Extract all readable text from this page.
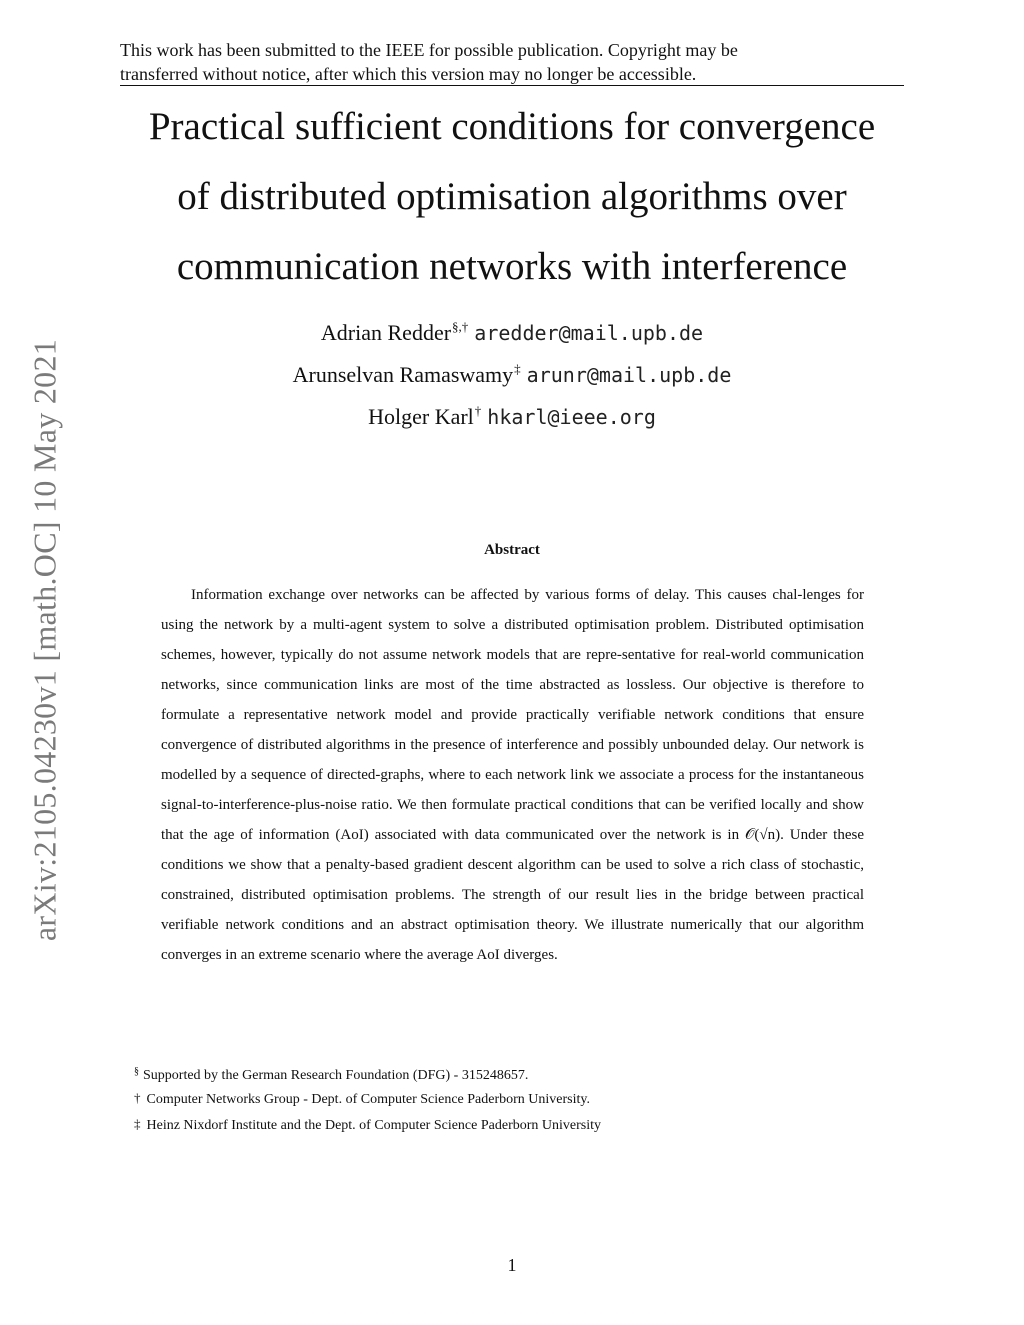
This work has been submitted to the IEEE for possible publication. Copyright may be
transferred without notice, after which this version may no longer be accessible.
Practical sufficient conditions for convergence
of distributed optimisation algorithms over
communication networks with interference
Adrian Redder§,† aredder@mail.upb.de
Arunselvan Ramaswamy‡ arunr@mail.upb.de
Holger Karl† hkarl@ieee.org
arXiv:2105.04230v1 [math.OC] 10 May 2021	Abstract

Information exchange over networks can be affected by various forms of delay. This causes chal-lenges for using the network by a multi-agent system to solve a distributed optimisation problem. Distributed optimisation schemes, however, typically do not assume network models that are repre-sentative for real-world communication networks, since communication links are most of the time abstracted as lossless. Our objective is therefore to formulate a representative network model and provide practically verifiable network conditions that ensure convergence of distributed algorithms in the presence of interference and possibly unbounded delay. Our network is modelled by a sequence of directed-graphs, where to each network link we associate a process for the instantaneous signal-to-interference-plus-noise ratio. We then formulate practical conditions that can be verified locally and show that the age of information (AoI) associated with data communicated over the network is in 𝒪(√n). Under these conditions we show that a penalty-based gradient descent algorithm can be used to solve a rich class of stochastic, constrained, distributed optimisation problems. The strength of our result lies in the bridge between practical verifiable network conditions and an abstract optimisation theory. We illustrate numerically that our algorithm converges in an extreme scenario where the average AoI diverges.

§ Supported by the German Research Foundation (DFG) - 315248657.
† Computer Networks Group - Dept. of Computer Science Paderborn University.
‡ Heinz Nixdorf Institute and the Dept. of Computer Science Paderborn University
1
